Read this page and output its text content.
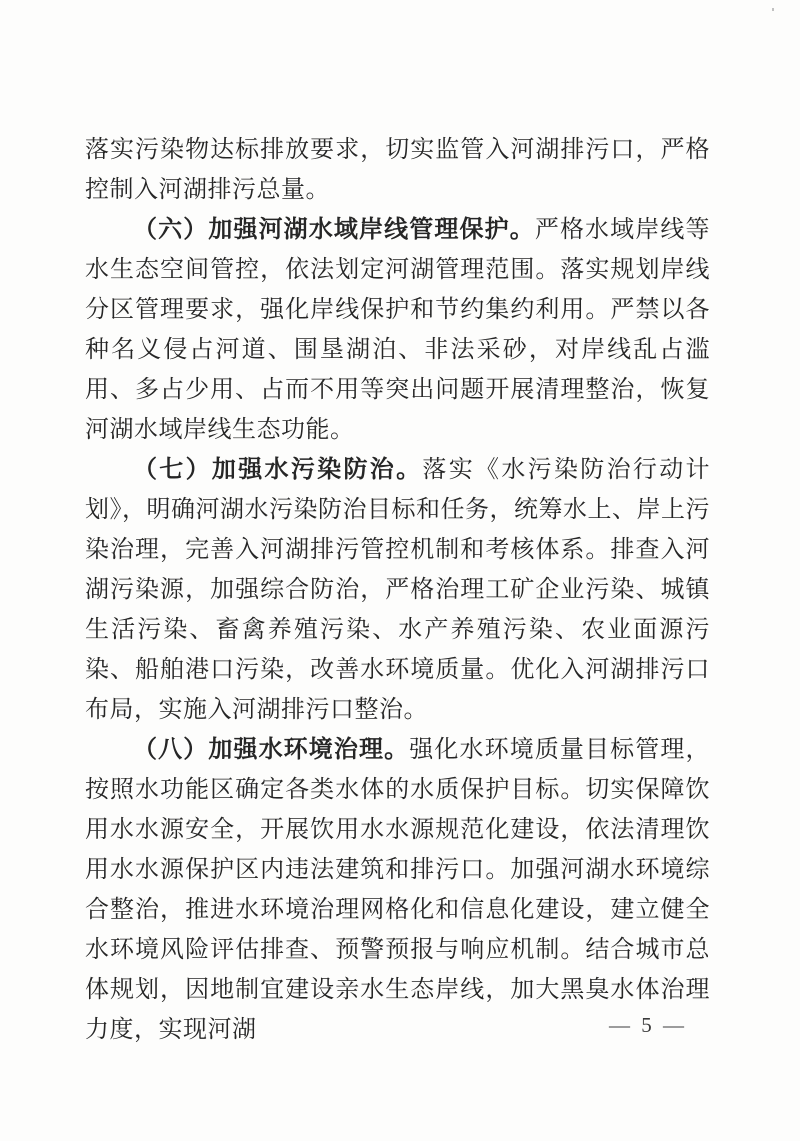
落实污染物达标排放要求，切实监管入河湖排污口，严格控制入河湖排污总量。

（六）加强河湖水域岸线管理保护。严格水域岸线等水生态空间管控，依法划定河湖管理范围。落实规划岸线分区管理要求，强化岸线保护和节约集约利用。严禁以各种名义侵占河道、围垦湖泊、非法采砂，对岸线乱占滥用、多占少用、占而不用等突出问题开展清理整治，恢复河湖水域岸线生态功能。

（七）加强水污染防治。落实《水污染防治行动计划》，明确河湖水污染防治目标和任务，统筹水上、岸上污染治理，完善入河湖排污管控机制和考核体系。排查入河湖污染源，加强综合防治，严格治理工矿企业污染、城镇生活污染、畜禽养殖污染、水产养殖污染、农业面源污染、船舶港口污染，改善水环境质量。优化入河湖排污口布局，实施入河湖排污口整治。

（八）加强水环境治理。强化水环境质量目标管理，按照水功能区确定各类水体的水质保护目标。切实保障饮用水水源安全，开展饮用水水源规范化建设，依法清理饮用水水源保护区内违法建筑和排污口。加强河湖水环境综合整治，推进水环境治理网格化和信息化建设，建立健全水环境风险评估排查、预警预报与响应机制。结合城市总体规划，因地制宜建设亲水生态岸线，加大黑臭水体治理力度，实现河湖	— 5 —
